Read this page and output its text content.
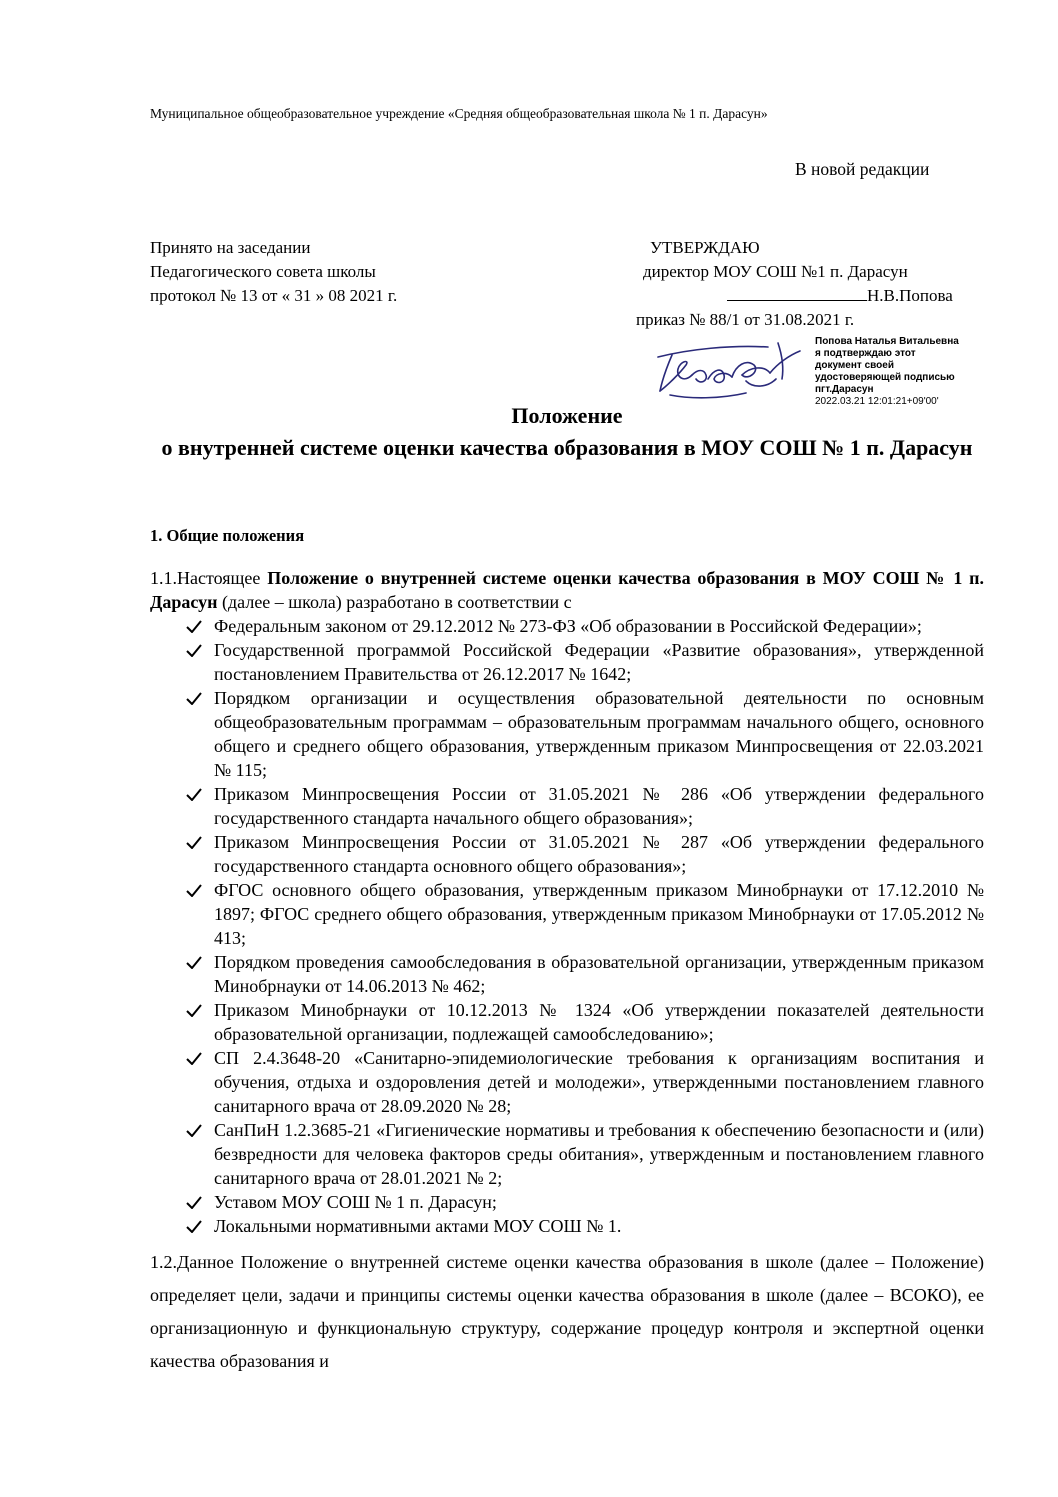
Муниципальное общеобразовательное учреждение «Средняя общеобразовательная школа № 1 п. Дарасун»
В новой редакции
Принято на заседании
Педагогического совета школы
протокол № 13 от « 31 » 08 2021 г.
УТВЕРЖДАЮ
директор МОУ СОШ №1 п. Дарасун
Н.В.Попова
приказ № 88/1 от 31.08.2021 г.
Попова Наталья Витальевна
я подтверждаю этот
документ своей
удостоверяющей подписью
пгт.Дарасун
2022.03.21 12:01:21+09'00'
Положение
о внутренней системе оценки качества образования в МОУ СОШ № 1 п. Дарасун
1. Общие положения

1.1.Настоящее Положение о внутренней системе оценки качества образования в МОУ СОШ № 1 п. Дарасун (далее – школа) разработано в соответствии с

Федеральным законом от 29.12.2012 № 273-ФЗ «Об образовании в Российской Федерации»;
Государственной программой Российской Федерации «Развитие образования», утвержденной постановлением Правительства от 26.12.2017 № 1642;
Порядком организации и осуществления образовательной деятельности по основным общеобразовательным программам – образовательным программам начального общего, основного общего и среднего общего образования, утвержденным приказом Минпросвещения от 22.03.2021 № 115;
Приказом Минпросвещения России от 31.05.2021 № 286 «Об утверждении федерального государственного стандарта начального общего образования»;
Приказом Минпросвещения России от 31.05.2021 № 287 «Об утверждении федерального государственного стандарта основного общего образования»;
ФГОС основного общего образования, утвержденным приказом Минобрнауки от 17.12.2010 № 1897; ФГОС среднего общего образования, утвержденным приказом Минобрнауки от 17.05.2012 № 413;
Порядком проведения самообследования в образовательной организации, утвержденным приказом Минобрнауки от 14.06.2013 № 462;
Приказом Минобрнауки от 10.12.2013 № 1324 «Об утверждении показателей деятельности образовательной организации, подлежащей самообследованию»;
СП 2.4.3648-20 «Санитарно-эпидемиологические требования к организациям воспитания и обучения, отдыха и оздоровления детей и молодежи», утвержденными постановлением главного санитарного врача от 28.09.2020 № 28;
СанПиН 1.2.3685-21 «Гигиенические нормативы и требования к обеспечению безопасности и (или) безвредности для человека факторов среды обитания», утвержденным и постановлением главного санитарного врача от 28.01.2021 № 2;
Уставом МОУ СОШ № 1 п. Дарасун;
Локальными нормативными актами МОУ СОШ № 1.

1.2.Данное Положение о внутренней системе оценки качества образования в школе (далее – Положение) определяет цели, задачи и принципы системы оценки качества образования в школе (далее – ВСОКО), ее организационную и функциональную структуру, содержание процедур контроля и экспертной оценки качества образования и
